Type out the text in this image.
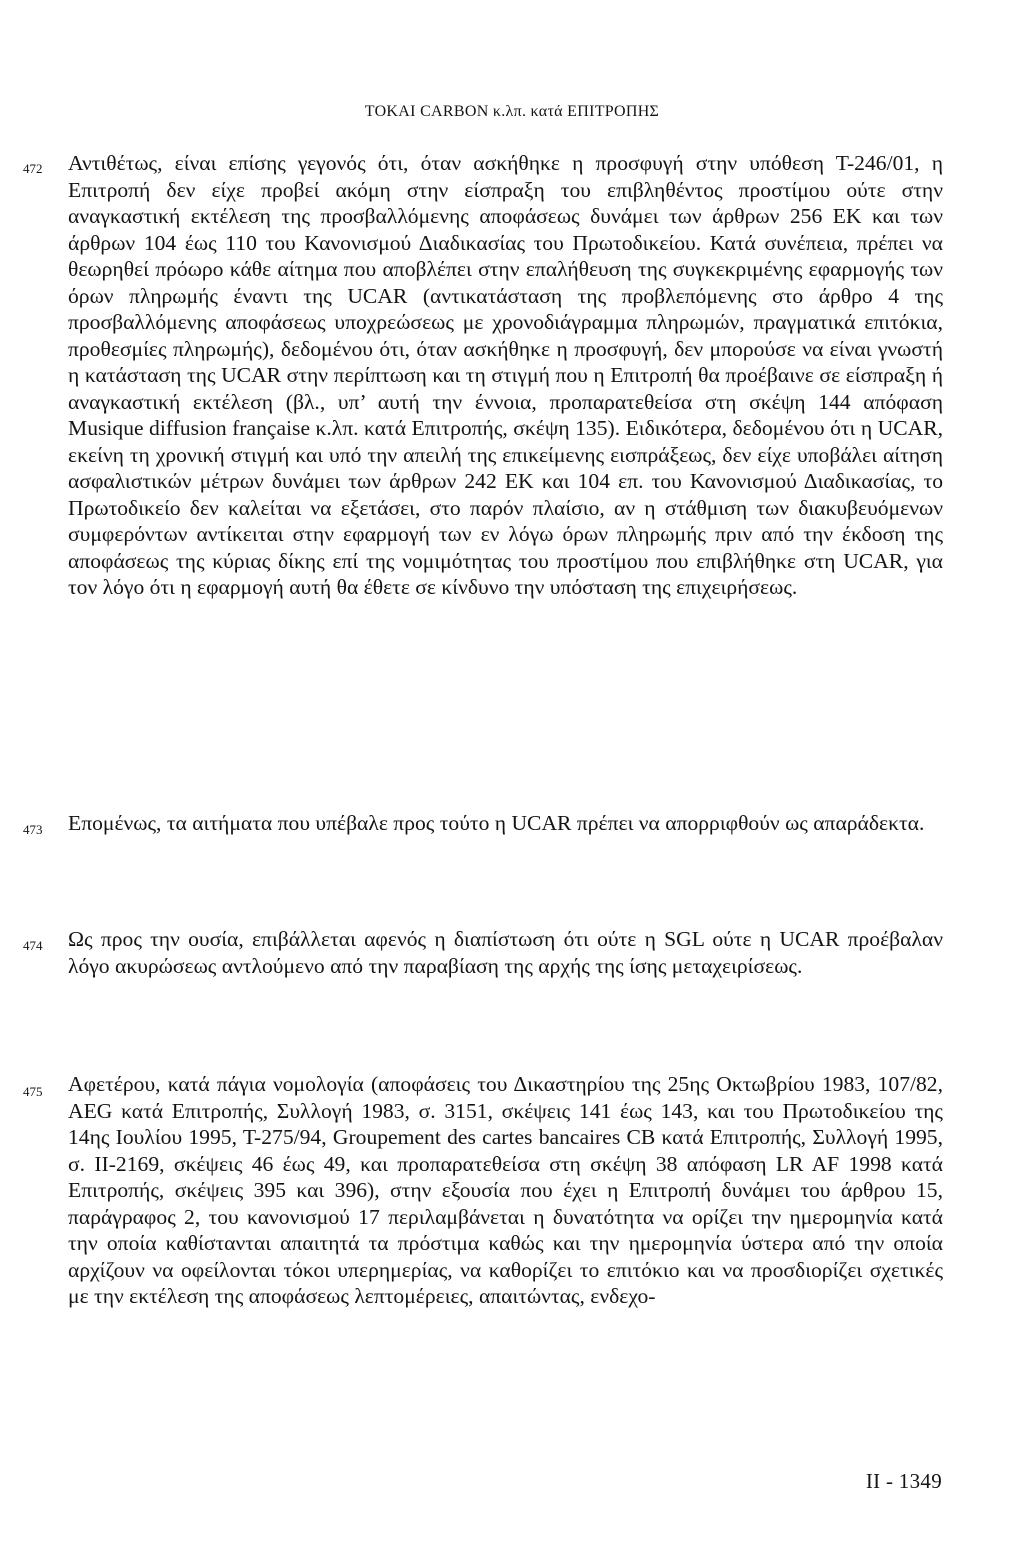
TOKAI CARBON κ.λπ. κατά ΕΠΙΤΡΟΠΗΣ
472 Αντιθέτως, είναι επίσης γεγονός ότι, όταν ασκήθηκε η προσφυγή στην υπόθεση Τ-246/01, η Επιτροπή δεν είχε προβεί ακόμη στην είσπραξη του επιβληθέντος προστίμου ούτε στην αναγκαστική εκτέλεση της προσβαλλόμενης αποφάσεως δυνάμει των άρθρων 256 ΕΚ και των άρθρων 104 έως 110 του Κανονισμού Διαδικασίας του Πρωτοδικείου. Κατά συνέπεια, πρέπει να θεωρηθεί πρόωρο κάθε αίτημα που αποβλέπει στην επαλήθευση της συγκεκριμένης εφαρμογής των όρων πληρωμής έναντι της UCAR (αντικατάσταση της προβλεπόμενης στο άρθρο 4 της προσβαλλόμενης αποφάσεως υποχρεώσεως με χρονοδιάγραμμα πληρωμών, πραγματικά επιτόκια, προθεσμίες πληρωμής), δεδομένου ότι, όταν ασκήθηκε η προσφυγή, δεν μπορούσε να είναι γνωστή η κατάσταση της UCAR στην περίπτωση και τη στιγμή που η Επιτροπή θα προέβαινε σε είσπραξη ή αναγκαστική εκτέλεση (βλ., υπ’ αυτή την έννοια, προπαρατεθείσα στη σκέψη 144 απόφαση Musique diffusion française κ.λπ. κατά Επιτροπής, σκέψη 135). Ειδικότερα, δεδομένου ότι η UCAR, εκείνη τη χρονική στιγμή και υπό την απειλή της επικείμενης εισπράξεως, δεν είχε υποβάλει αίτηση ασφαλιστικών μέτρων δυνάμει των άρθρων 242 ΕΚ και 104 επ. του Κανονισμού Διαδικασίας, το Πρωτοδικείο δεν καλείται να εξετάσει, στο παρόν πλαίσιο, αν η στάθμιση των διακυβευόμενων συμφερόντων αντίκειται στην εφαρμογή των εν λόγω όρων πληρωμής πριν από την έκδοση της αποφάσεως της κύριας δίκης επί της νομιμότητας του προστίμου που επιβλήθηκε στη UCAR, για τον λόγο ότι η εφαρμογή αυτή θα έθετε σε κίνδυνο την υπόσταση της επιχειρήσεως.

473 Επομένως, τα αιτήματα που υπέβαλε προς τούτο η UCAR πρέπει να απορριφθούν ως απαράδεκτα.

474 Ως προς την ουσία, επιβάλλεται αφενός η διαπίστωση ότι ούτε η SGL ούτε η UCAR προέβαλαν λόγο ακυρώσεως αντλούμενο από την παραβίαση της αρχής της ίσης μεταχειρίσεως.

475 Αφετέρου, κατά πάγια νομολογία (αποφάσεις του Δικαστηρίου της 25ης Οκτωβρίου 1983, 107/82, AEG κατά Επιτροπής, Συλλογή 1983, σ. 3151, σκέψεις 141 έως 143, και του Πρωτοδικείου της 14ης Ιουλίου 1995, Τ-275/94, Groupement des cartes bancaires CB κατά Επιτροπής, Συλλογή 1995, σ. II-2169, σκέψεις 46 έως 49, και προπαρατεθείσα στη σκέψη 38 απόφαση LR AF 1998 κατά Επιτροπής, σκέψεις 395 και 396), στην εξουσία που έχει η Επιτροπή δυνάμει του άρθρου 15, παράγραφος 2, του κανονισμού 17 περιλαμβάνεται η δυνατότητα να ορίζει την ημερομηνία κατά την οποία καθίστανται απαιτητά τα πρόστιμα καθώς και την ημερομηνία ύστερα από την οποία αρχίζουν να οφείλονται τόκοι υπερημερίας, να καθορίζει το επιτόκιο και να προσδιορίζει σχετικές με την εκτέλεση της αποφάσεως λεπτομέρειες, απαιτώντας, ενδεχο-

II - 1349
